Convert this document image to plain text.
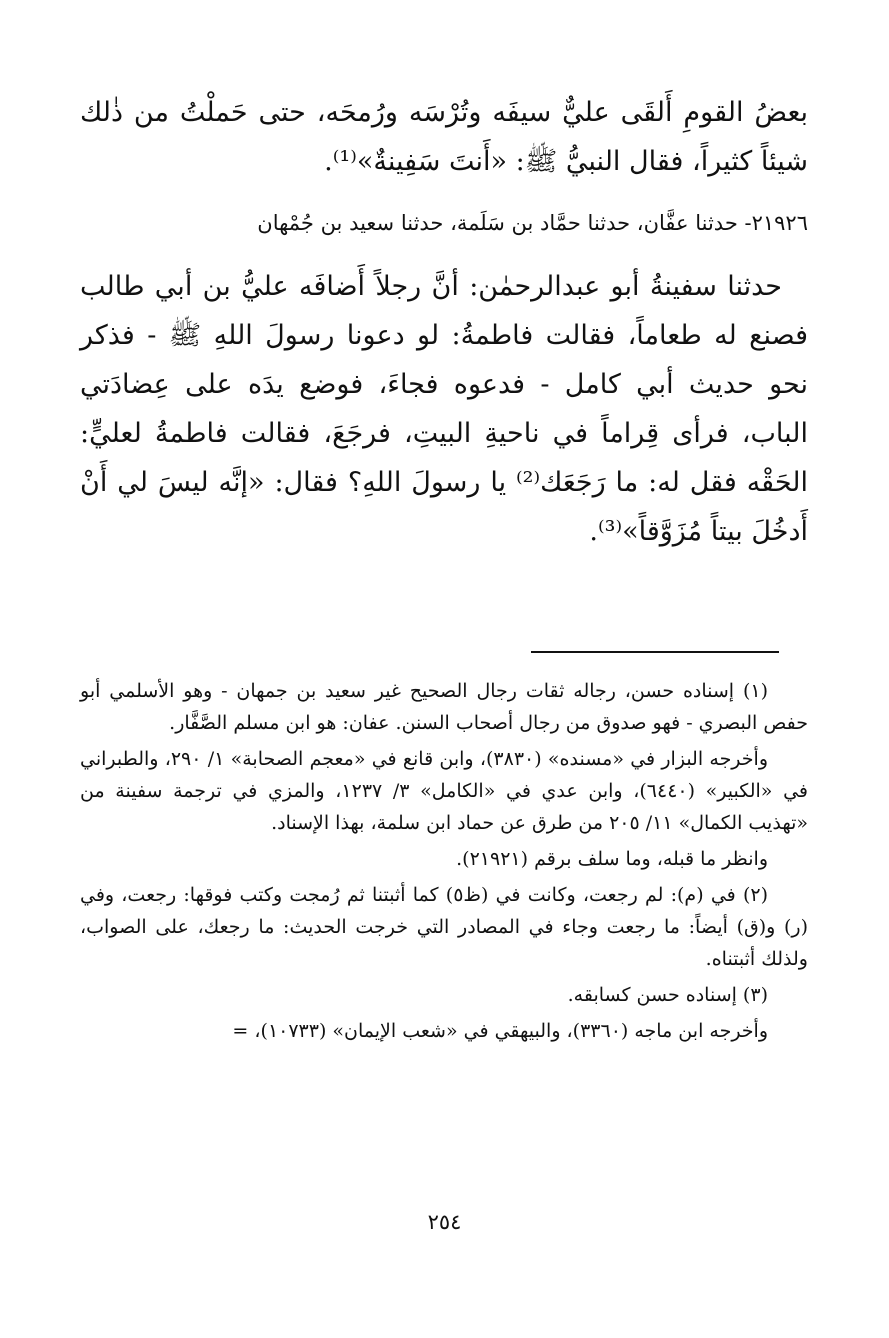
بعضُ القومِ أَلقَى عليٌّ سيفَه وتُرْسَه ورُمحَه، حتى حَملْتُ من ذٰلك شيئاً كثيراً، فقال النبيُّ ﷺ: «أَنتَ سَفِينةٌ»⁽¹⁾.

٢١٩٢٦- حدثنا عفَّان، حدثنا حمَّاد بن سَلَمة، حدثنا سعيد بن جُمْهان

حدثنا سفينةُ أبو عبدالرحمٰن: أنَّ رجلاً أَضافَه عليُّ بن أبي طالب فصنع له طعاماً، فقالت فاطمةُ: لو دعونا رسولَ اللهِ ﷺ - فذكر نحو حديث أبي كامل - فدعوه فجاءَ، فوضع يدَه على عِضادَتي الباب، فرأى قِراماً في ناحيةِ البيتِ، فرجَعَ، فقالت فاطمةُ لعليٍّ: الحَقْه فقل له: ما رَجَعَك⁽²⁾ يا رسولَ اللهِ؟ فقال: «إنَّه ليسَ لي أَنْ أَدخُلَ بيتاً مُزَوَّقاً»⁽³⁾.

(١) إسناده حسن، رجاله ثقات رجال الصحيح غير سعيد بن جمهان - وهو الأسلمي أبو حفص البصري - فهو صدوق من رجال أصحاب السنن. عفان: هو ابن مسلم الصَّفَّار.

وأخرجه البزار في «مسنده» (٣٨٣٠)، وابن قانع في «معجم الصحابة» ١/ ٢٩٠، والطبراني في «الكبير» (٦٤٤٠)، وابن عدي في «الكامل» ٣/ ١٢٣٧، والمزي في ترجمة سفينة من «تهذيب الكمال» ١١/ ٢٠٥ من طرق عن حماد ابن سلمة، بهذا الإسناد.

وانظر ما قبله، وما سلف برقم (٢١٩٢١).

(٢) في (م): لم رجعت، وكانت في (ظ٥) كما أثبتنا ثم رُمجت وكتب فوقها: رجعت، وفي (ر) و(ق) أيضاً: ما رجعت وجاء في المصادر التي خرجت الحديث: ما رجعك، على الصواب، ولذلك أثبتناه.

(٣) إسناده حسن كسابقه.

وأخرجه ابن ماجه (٣٣٦٠)، والبيهقي في «شعب الإيمان» (١٠٧٣٣)، =

٢٥٤
